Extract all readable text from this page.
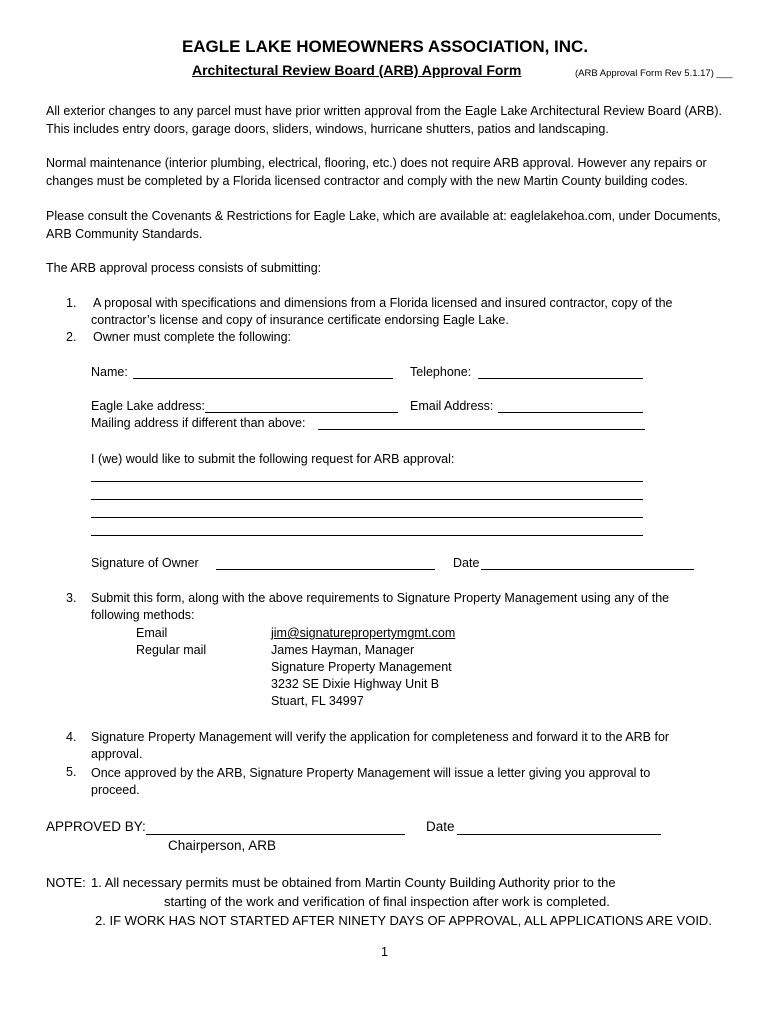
EAGLE LAKE HOMEOWNERS ASSOCIATION, INC.
Architectural Review Board (ARB) Approval Form	(ARB Approval Form Rev 5.1.17) ___
All exterior changes to any parcel must have prior written approval from the Eagle Lake Architectural Review Board (ARB). This includes entry doors, garage doors, sliders, windows, hurricane shutters, patios and landscaping.
Normal maintenance (interior plumbing, electrical, flooring, etc.) does not require ARB approval. However any repairs or changes must be completed by a Florida licensed contractor and comply with the new Martin County building codes.
Please consult the Covenants & Restrictions for Eagle Lake, which are available at: eaglelakehoa.com, under Documents, ARB Community Standards.
The ARB approval process consists of submitting:
1. A proposal with specifications and dimensions from a Florida licensed and insured contractor, copy of the
contractor’s license and copy of insurance certificate endorsing Eagle Lake.
2. Owner must complete the following:
Name:	Telephone:
Eagle Lake address:	Email Address:
Mailing address if different than above:
I (we) would like to submit the following request for ARB approval:
Signature of Owner	Date
3. Submit this form, along with the above requirements to Signature Property Management using any of the
following methods:
Email	jim@signaturepropertymgmt.com
Regular mail	James Hayman, Manager
Signature Property Management
3232 SE Dixie Highway Unit B
Stuart, FL 34997
4. Signature Property Management will verify the application for completeness and forward it to the ARB for
approval.
5. Once approved by the ARB, Signature Property Management will issue a letter giving you approval to
proceed.
APPROVED BY:	Date
Chairperson, ARB
NOTE: 1. All necessary permits must be obtained from Martin County Building Authority prior to the
starting of the work and verification of final inspection after work is completed.
2. IF WORK HAS NOT STARTED AFTER NINETY DAYS OF APPROVAL, ALL APPLICATIONS ARE VOID.
1
